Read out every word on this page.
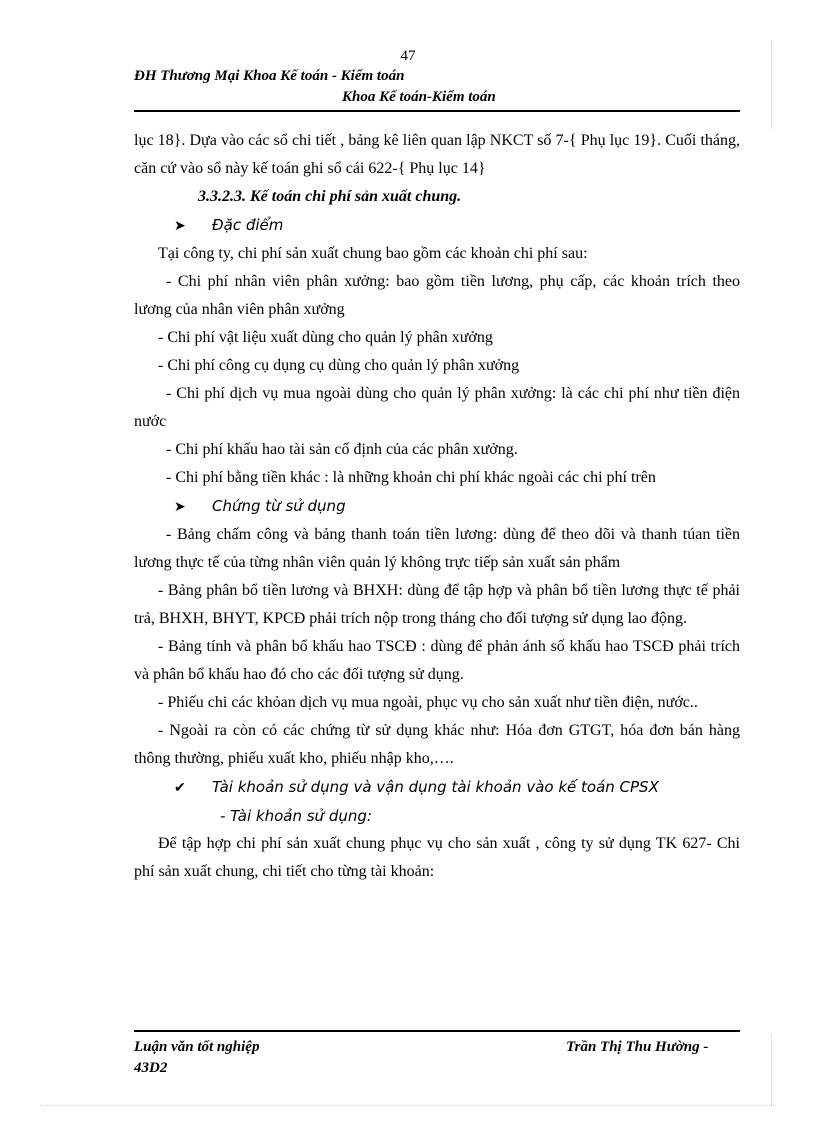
47
ĐH Thương Mại Khoa Kế toán - Kiểm toán
Khoa Kế toán-Kiểm toán

lục 18}. Dựa vào các sổ chi tiết , bảng kê liên quan lập NKCT số 7-{ Phụ lục 19}. Cuối tháng, căn cứ vào sổ này kế toán ghi sổ cái 622-{ Phụ lục 14}

3.3.2.3. Kế toán chi phí sản xuất chung.

➤ Đặc điểm

Tại công ty, chi phí sản xuất chung bao gồm các khoản chi phí sau:

- Chi phí nhân viên phân xưởng: bao gồm tiền lương, phụ cấp, các khoản trích theo lương của nhân viên phân xưởng

- Chi phí vật liệu xuất dùng cho quản lý phân xưởng

- Chi phí công cụ dụng cụ dùng cho quản lý phân xưởng

- Chi phí dịch vụ mua ngoài dùng cho quản lý phân xưởng: là các chi phí như tiền điện nước

- Chi phí khấu hao tài sản cố định của các phân xưởng.

- Chi phí bằng tiền khác : là những khoản chi phí khác ngoài các chi phí trên

➤ Chứng từ sử dụng

- Bảng chấm công và bảng thanh toán tiền lương: dùng để theo dõi và thanh túan tiền lương thực tế của từng nhân viên quản lý không trực tiếp sản xuất sản phẩm

- Bảng phân bổ tiền lương và BHXH: dùng để tập hợp và phân bổ tiền lương thực tế phải trả, BHXH, BHYT, KPCĐ phải trích nộp trong tháng cho đối tượng sử dụng lao động.

- Bảng tính và phân bổ khấu hao TSCĐ : dùng để phản ánh số khấu hao TSCĐ phải trích và phân bổ khấu hao đó cho các đối tượng sử dụng.

- Phiếu chi các khỏan dịch vụ mua ngoài, phục vụ cho sản xuất như tiền điện, nước..

- Ngoài ra còn có các chứng từ sử dụng khác như: Hóa đơn GTGT, hóa đơn bán hàng thông thường, phiếu xuất kho, phiếu nhập kho,….

✔ Tài khoản sử dụng và vận dụng tài khoản vào kế toán CPSX

- Tài khoản sử dụng:

Để tập hợp chi phí sản xuất chung phục vụ cho sản xuất , công ty sử dụng TK 627- Chi phí sản xuất chung, chi tiết cho từng tài khoản:

Luận văn tốt nghiệp
43D2
Trần Thị Thu Hường -
